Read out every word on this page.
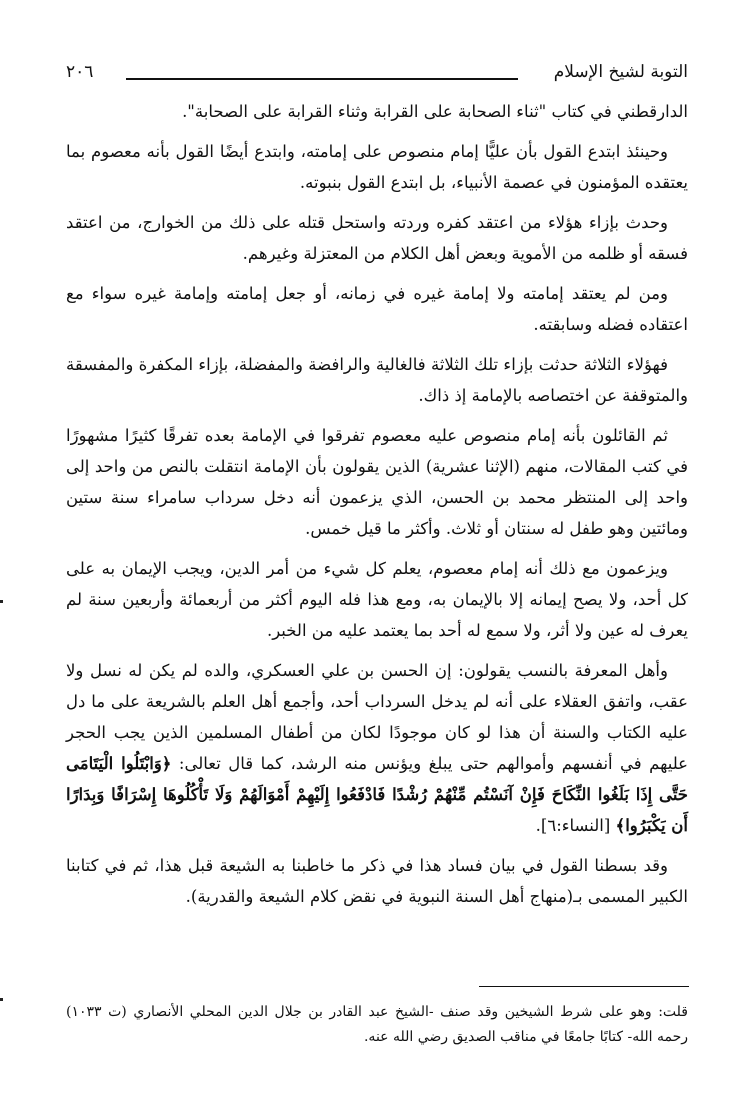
التوبة لشيخ الإسلام
٢٠٦

الدارقطني في كتاب "ثناء الصحابة على القرابة وثناء القرابة على الصحابة".

وحينئذ ابتدع القول بأن عليًّا إمام منصوص على إمامته، وابتدع أيضًا القول بأنه معصوم بما يعتقده المؤمنون في عصمة الأنبياء، بل ابتدع القول بنبوته.

وحدث بإزاء هؤلاء من اعتقد كفره وردته واستحل قتله على ذلك من الخوارج، من اعتقد فسقه أو ظلمه من الأموية وبعض أهل الكلام من المعتزلة وغيرهم.

ومن لم يعتقد إمامته ولا إمامة غيره في زمانه، أو جعل إمامته وإمامة غيره سواء مع اعتقاده فضله وسابقته.

فهؤلاء الثلاثة حدثت بإزاء تلك الثلاثة فالغالية والرافضة والمفضلة، بإزاء المكفرة والمفسقة والمتوقفة عن اختصاصه بالإمامة إذ ذاك.

ثم القائلون بأنه إمام منصوص عليه معصوم تفرقوا في الإمامة بعده تفرقًا كثيرًا مشهورًا في كتب المقالات، منهم (الإثنا عشرية) الذين يقولون بأن الإمامة انتقلت بالنص من واحد إلى واحد إلى المنتظر محمد بن الحسن، الذي يزعمون أنه دخل سرداب سامراء سنة ستين ومائتين وهو طفل له سنتان أو ثلاث. وأكثر ما قيل خمس.

ويزعمون مع ذلك أنه إمام معصوم، يعلم كل شيء من أمر الدين، ويجب الإيمان به على كل أحد، ولا يصح إيمانه إلا بالإيمان به، ومع هذا فله اليوم أكثر من أربعمائة وأربعين سنة لم يعرف له عين ولا أثر، ولا سمع له أحد بما يعتمد عليه من الخبر.

وأهل المعرفة بالنسب يقولون: إن الحسن بن علي العسكري، والده لم يكن له نسل ولا عقب، واتفق العقلاء على أنه لم يدخل السرداب أحد، وأجمع أهل العلم بالشريعة على ما دل عليه الكتاب والسنة أن هذا لو كان موجودًا لكان من أطفال المسلمين الذين يجب الحجر عليهم في أنفسهم وأموالهم حتى يبلغ ويؤنس منه الرشد، كما قال تعالى: ﴿وَابْتَلُوا الْيَتَامَى حَتَّى إِذَا بَلَغُوا النِّكَاحَ فَإِنْ آنَسْتُم مِّنْهُمْ رُشْدًا فَادْفَعُوا إِلَيْهِمْ أَمْوَالَهُمْ وَلَا تَأْكُلُوهَا إِسْرَافًا وَبِدَارًا أَن يَكْبَرُوا﴾ [النساء:٦].

وقد بسطنا القول في بيان فساد هذا في ذكر ما خاطبنا به الشيعة قبل هذا، ثم في كتابنا الكبير المسمى بـ(منهاج أهل السنة النبوية في نقض كلام الشيعة والقدرية).

قلت: وهو على شرط الشيخين وقد صنف -الشيخ عبد القادر بن جلال الدين المحلي الأنصاري (ت ١٠٣٣) رحمه الله- كتابًا جامعًا في مناقب الصديق رضي الله عنه.
